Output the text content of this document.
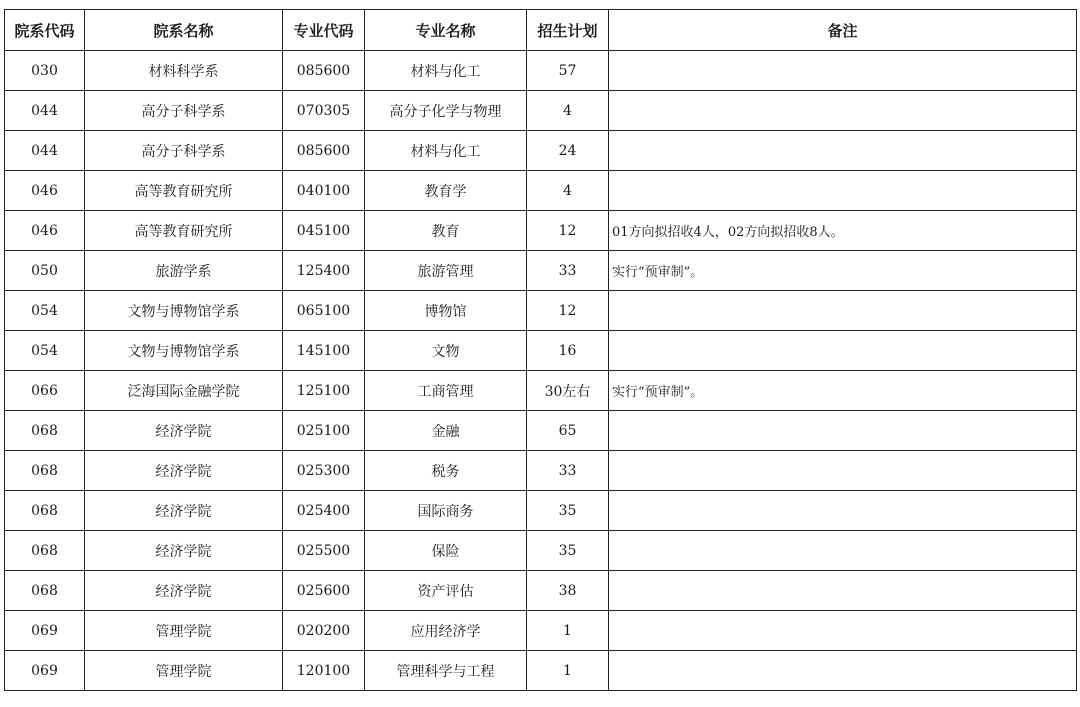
院系代码	院系名称	专业代码	专业名称	招生计划	备注
030	材料科学系	085600	材料与化工	57	
044	高分子科学系	070305	高分子化学与物理	4	
044	高分子科学系	085600	材料与化工	24	
046	高等教育研究所	040100	教育学	4	
046	高等教育研究所	045100	教育	12	01方向拟招收4人，02方向拟招收8人。
050	旅游学系	125400	旅游管理	33	实行“预审制”。
054	文物与博物馆学系	065100	博物馆	12	
054	文物与博物馆学系	145100	文物	16	
066	泛海国际金融学院	125100	工商管理	30左右	实行“预审制”。
068	经济学院	025100	金融	65	
068	经济学院	025300	税务	33	
068	经济学院	025400	国际商务	35	
068	经济学院	025500	保险	35	
068	经济学院	025600	资产评估	38	
069	管理学院	020200	应用经济学	1	
069	管理学院	120100	管理科学与工程	1	
